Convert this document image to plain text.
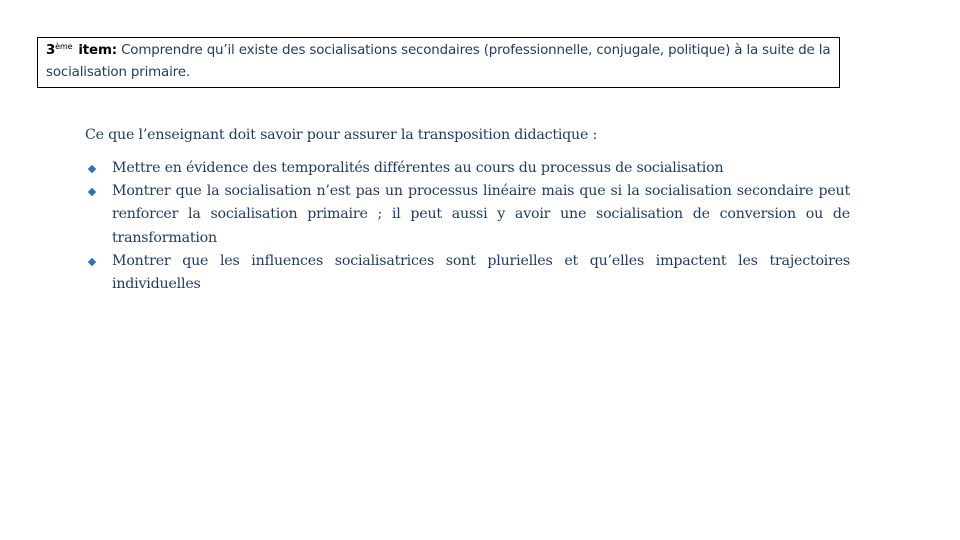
3ème item: Comprendre qu’il existe des socialisations secondaires (professionnelle, conjugale, politique) à la suite de la socialisation primaire.
Ce que l’enseignant doit savoir pour assurer la transposition didactique :
Mettre en évidence des temporalités différentes au cours du processus de socialisation
Montrer que la socialisation n’est pas un processus linéaire mais que si la socialisation secondaire peut renforcer la socialisation primaire ; il peut aussi y avoir une socialisation de conversion ou de transformation
Montrer que les influences socialisatrices sont plurielles et qu’elles impactent les trajectoires individuelles
